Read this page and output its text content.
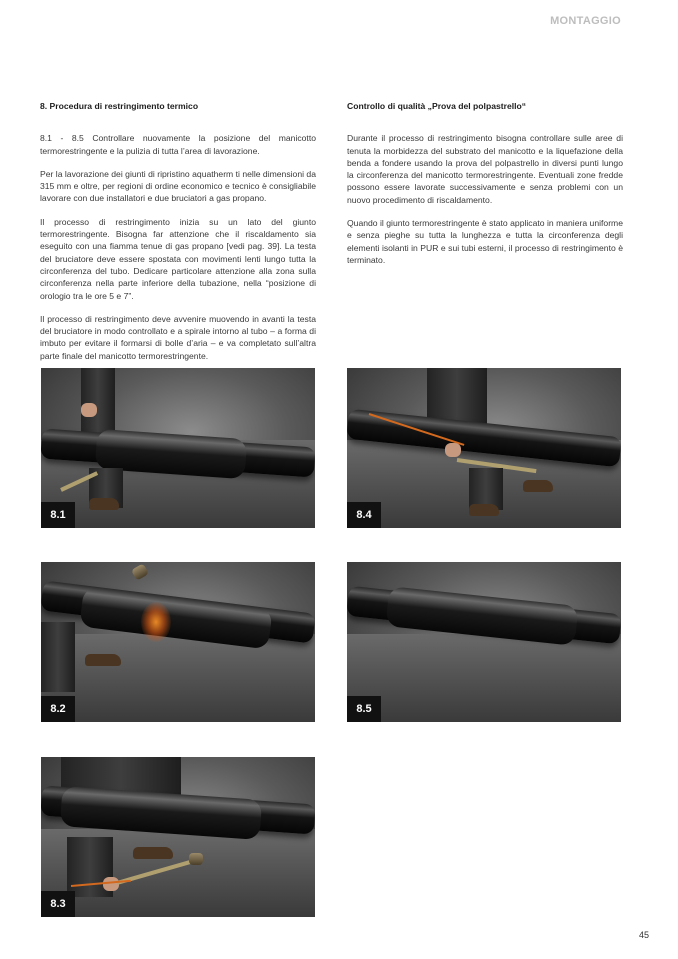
MONTAGGIO
8. Procedura di restringimento termico

8.1 - 8.5 Controllare nuovamente la posizione del manicotto termorestringente e la pulizia di tutta l’area di lavorazione.

Per la lavorazione dei giunti di ripristino aquatherm ti nelle dimensioni da 315 mm e oltre, per regioni di ordine economico e tecnico è consigliabile lavorare con due installatori e due bruciatori a gas propano.

Il processo di restringimento inizia su un lato del giunto termorestringente. Bisogna far attenzione che il riscaldamento sia eseguito con una fiamma tenue di gas propano [vedi pag. 39]. La testa del bruciatore deve essere spostata con movimenti lenti lungo tutta la circonferenza del tubo. Dedicare particolare attenzione alla zona sulla circonferenza nella parte inferiore della tubazione, nella “posizione di orologio tra le ore 5 e 7”.

Il processo di restringimento deve avvenire muovendo in avanti la testa del bruciatore in modo controllato e a spirale intorno al tubo – a forma di imbuto per evitare il formarsi di bolle d’aria – e va completato sull’altra parte finale del manicotto termorestringente.

Controllo di qualità „Prova del polpastrello“

Durante il processo di restringimento bisogna controllare sulle aree di tenuta la morbidezza del substrato del manicotto e la liquefazione della benda a fondere usando la prova del polpastrello in diversi punti lungo la circonferenza del manicotto termorestringente. Eventuali zone fredde possono essere lavorate successivamente e senza problemi con un nuovo procedimento di riscaldamento.

Quando il giunto termorestringente è stato applicato in maniera uniforme e senza pieghe su tutta la lunghezza e tutta la circonferenza degli elementi isolanti in PUR e sui tubi esterni, il processo di restringimento è terminato.

8.1	8.4
8.2	8.5
8.3
45
